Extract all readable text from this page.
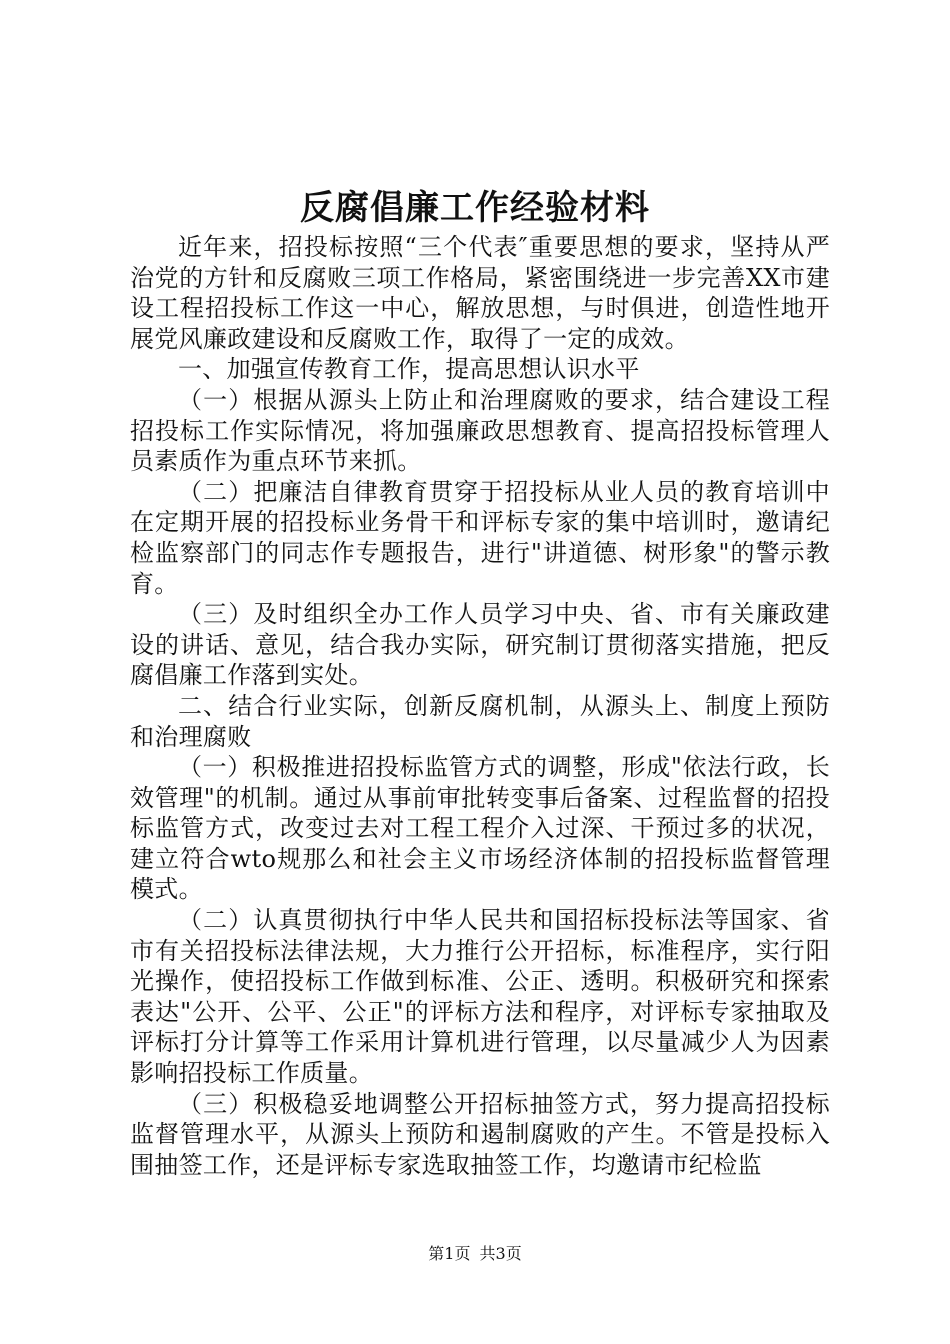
反腐倡廉工作经验材料

近年来，招投标按照“三个代表″重要思想的要求，坚持从严治党的方针和反腐败三项工作格局，紧密围绕进一步完善XX市建设工程招投标工作这一中心，解放思想，与时俱进，创造性地开展党风廉政建设和反腐败工作，取得了一定的成效。

一、加强宣传教育工作，提高思想认识水平

（一）根据从源头上防止和治理腐败的要求，结合建设工程招投标工作实际情况，将加强廉政思想教育、提高招投标管理人员素质作为重点环节来抓。

（二）把廉洁自律教育贯穿于招投标从业人员的教育培训中在定期开展的招投标业务骨干和评标专家的集中培训时，邀请纪检监察部门的同志作专题报告，进行"讲道德、树形象"的警示教育。

（三）及时组织全办工作人员学习中央、省、市有关廉政建设的讲话、意见，结合我办实际，研究制订贯彻落实措施，把反腐倡廉工作落到实处。

二、结合行业实际，创新反腐机制，从源头上、制度上预防和治理腐败

（一）积极推进招投标监管方式的调整，形成"依法行政，长效管理"的机制。通过从事前审批转变事后备案、过程监督的招投标监管方式，改变过去对工程工程介入过深、干预过多的状况，建立符合wto规那么和社会主义市场经济体制的招投标监督管理模式。

（二）认真贯彻执行中华人民共和国招标投标法等国家、省市有关招投标法律法规，大力推行公开招标，标准程序，实行阳光操作，使招投标工作做到标准、公正、透明。积极研究和探索表达"公开、公平、公正"的评标方法和程序，对评标专家抽取及评标打分计算等工作采用计算机进行管理，以尽量减少人为因素影响招投标工作质量。

（三）积极稳妥地调整公开招标抽签方式，努力提高招投标监督管理水平，从源头上预防和遏制腐败的产生。不管是投标入围抽签工作，还是评标专家选取抽签工作，均邀请市纪检监

第1页 共3页
